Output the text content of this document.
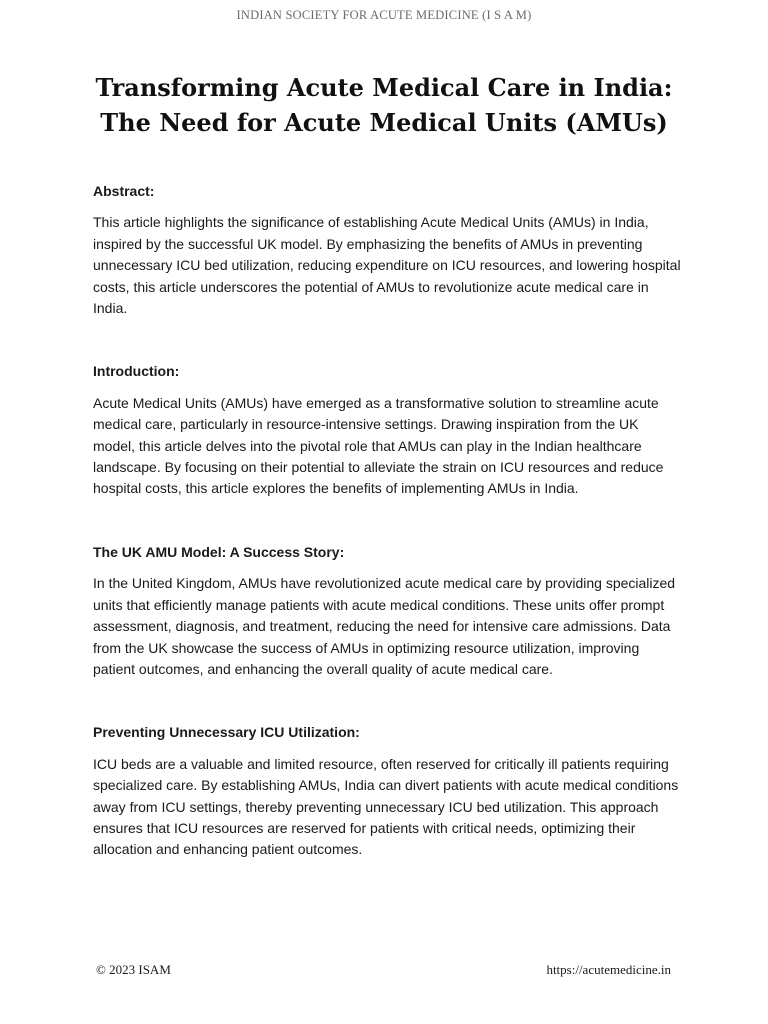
INDIAN SOCIETY FOR ACUTE MEDICINE (I S A M)
Transforming Acute Medical Care in India:
The Need for Acute Medical Units (AMUs)

Abstract:

This article highlights the significance of establishing Acute Medical Units (AMUs) in India, inspired by the successful UK model. By emphasizing the benefits of AMUs in preventing unnecessary ICU bed utilization, reducing expenditure on ICU resources, and lowering hospital costs, this article underscores the potential of AMUs to revolutionize acute medical care in India.

Introduction:

Acute Medical Units (AMUs) have emerged as a transformative solution to streamline acute medical care, particularly in resource-intensive settings. Drawing inspiration from the UK model, this article delves into the pivotal role that AMUs can play in the Indian healthcare landscape. By focusing on their potential to alleviate the strain on ICU resources and reduce hospital costs, this article explores the benefits of implementing AMUs in India.

The UK AMU Model: A Success Story:

In the United Kingdom, AMUs have revolutionized acute medical care by providing specialized units that efficiently manage patients with acute medical conditions. These units offer prompt assessment, diagnosis, and treatment, reducing the need for intensive care admissions. Data from the UK showcase the success of AMUs in optimizing resource utilization, improving patient outcomes, and enhancing the overall quality of acute medical care.

Preventing Unnecessary ICU Utilization:

ICU beds are a valuable and limited resource, often reserved for critically ill patients requiring specialized care. By establishing AMUs, India can divert patients with acute medical conditions away from ICU settings, thereby preventing unnecessary ICU bed utilization. This approach ensures that ICU resources are reserved for patients with critical needs, optimizing their allocation and enhancing patient outcomes.

© 2023 ISAM	https://acutemedicine.in
